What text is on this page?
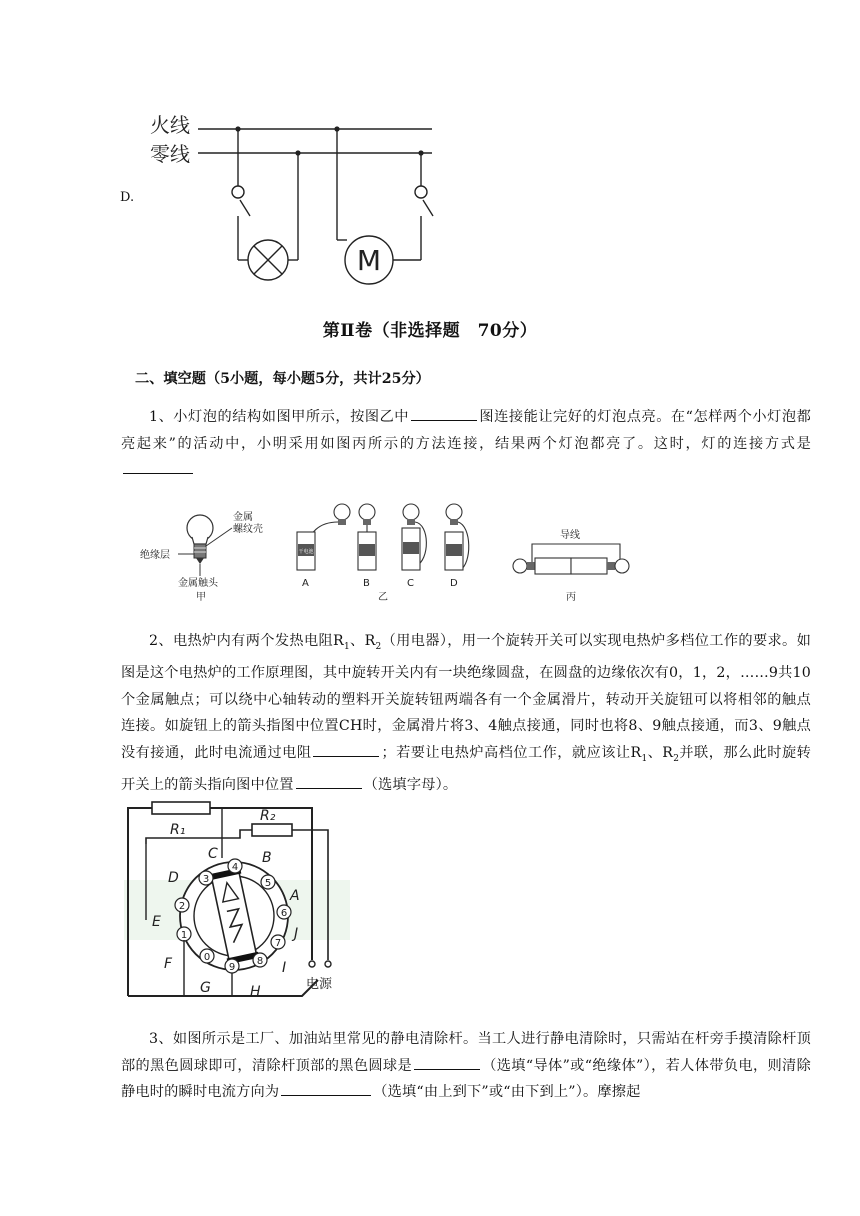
D.
火线
零线
M
第Ⅱ卷（非选择题　70分）
二、填空题（5小题，每小题5分，共计25分）
1、小灯泡的结构如图甲所示，按图乙中	图连接能让完好的灯泡点亮。在“怎样两个小灯泡都亮起来”的活动中，小明采用如图丙所示的方法连接，结果两个灯泡都亮了。这时，灯的连接方式是
金属
螺纹壳
绝缘层
金属触头
甲
干电池
A	B	C	D
乙
导线
丙
2、电热炉内有两个发热电阻$R_1$、$R_2$（用电器），用一个旋转开关可以实现电热炉多档位工作的要求。如图是这个电热炉的工作原理图，其中旋转开关内有一块绝缘圆盘，在圆盘的边缘依次有0，1，2，……9共10个金属触点；可以绕中心轴转动的塑料开关旋转钮两端各有一个金属滑片，转动开关旋钮可以将相邻的触点连接。如旋钮上的箭头指图中位置CH时，金属滑片将3、4触点接通，同时也将8、9触点接通，而3、9触点没有接通，此时电流通过电阻	；若要让电热炉高档位工作，就应该让$R_1$、$R_2$并联，那么此时旋转开关上的箭头指向图中位置	（选填字母）。
R₁
R₂
0
1
2
3
4
5
6
7
8
9
A
B
C
D
E
F
G	H
I
J
电源
3、如图所示是工厂、加油站里常见的静电清除杆。当工人进行静电清除时，只需站在杆旁手摸清除杆顶部的黑色圆球即可，清除杆顶部的黑色圆球是	（选填“导体”或“绝缘体”），若人体带负电，则清除静电时的瞬时电流方向为	（选填“由上到下”或“由下到上”）。摩擦起
